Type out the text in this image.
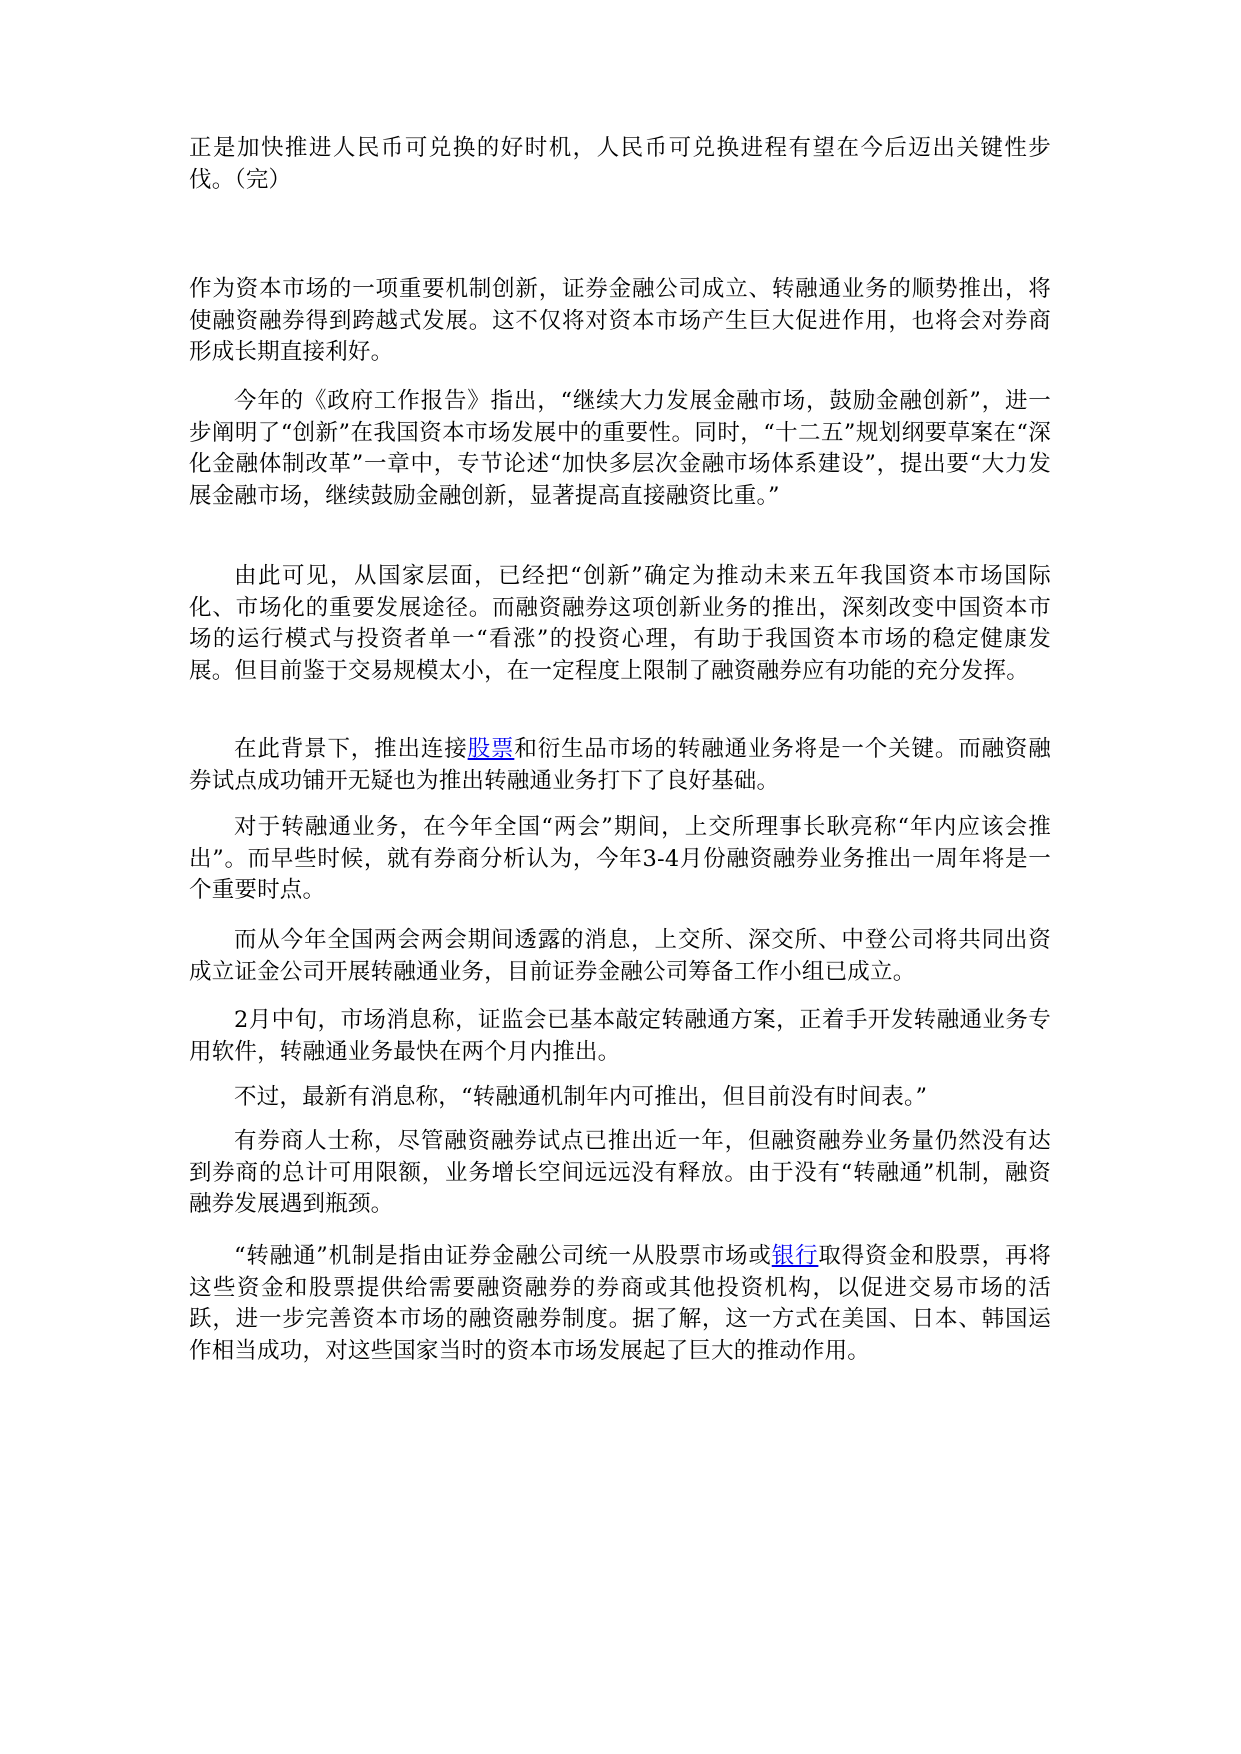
正是加快推进人民币可兑换的好时机，人民币可兑换进程有望在今后迈出关键性步伐。（完）

作为资本市场的一项重要机制创新，证券金融公司成立、转融通业务的顺势推出，将使融资融券得到跨越式发展。这不仅将对资本市场产生巨大促进作用，也将会对券商形成长期直接利好。

今年的《政府工作报告》指出，“继续大力发展金融市场，鼓励金融创新”，进一步阐明了“创新”在我国资本市场发展中的重要性。同时，“十二五”规划纲要草案在“深化金融体制改革”一章中，专节论述“加快多层次金融市场体系建设”，提出要“大力发展金融市场，继续鼓励金融创新，显著提高直接融资比重。”

由此可见，从国家层面，已经把“创新”确定为推动未来五年我国资本市场国际化、市场化的重要发展途径。而融资融券这项创新业务的推出，深刻改变中国资本市场的运行模式与投资者单一“看涨”的投资心理，有助于我国资本市场的稳定健康发展。但目前鉴于交易规模太小，在一定程度上限制了融资融券应有功能的充分发挥。

在此背景下，推出连接股票和衍生品市场的转融通业务将是一个关键。而融资融券试点成功铺开无疑也为推出转融通业务打下了良好基础。

对于转融通业务，在今年全国“两会”期间，上交所理事长耿亮称“年内应该会推出”。而早些时候，就有券商分析认为，今年3-4月份融资融券业务推出一周年将是一个重要时点。

而从今年全国两会两会期间透露的消息，上交所、深交所、中登公司将共同出资成立证金公司开展转融通业务，目前证券金融公司筹备工作小组已成立。

2月中旬，市场消息称，证监会已基本敲定转融通方案，正着手开发转融通业务专用软件，转融通业务最快在两个月内推出。

不过，最新有消息称，“转融通机制年内可推出，但目前没有时间表。”

有券商人士称，尽管融资融券试点已推出近一年，但融资融券业务量仍然没有达到券商的总计可用限额，业务增长空间远远没有释放。由于没有“转融通”机制，融资融券发展遇到瓶颈。

“转融通”机制是指由证券金融公司统一从股票市场或银行取得资金和股票，再将这些资金和股票提供给需要融资融券的券商或其他投资机构，以促进交易市场的活跃，进一步完善资本市场的融资融券制度。据了解，这一方式在美国、日本、韩国运作相当成功，对这些国家当时的资本市场发展起了巨大的推动作用。
